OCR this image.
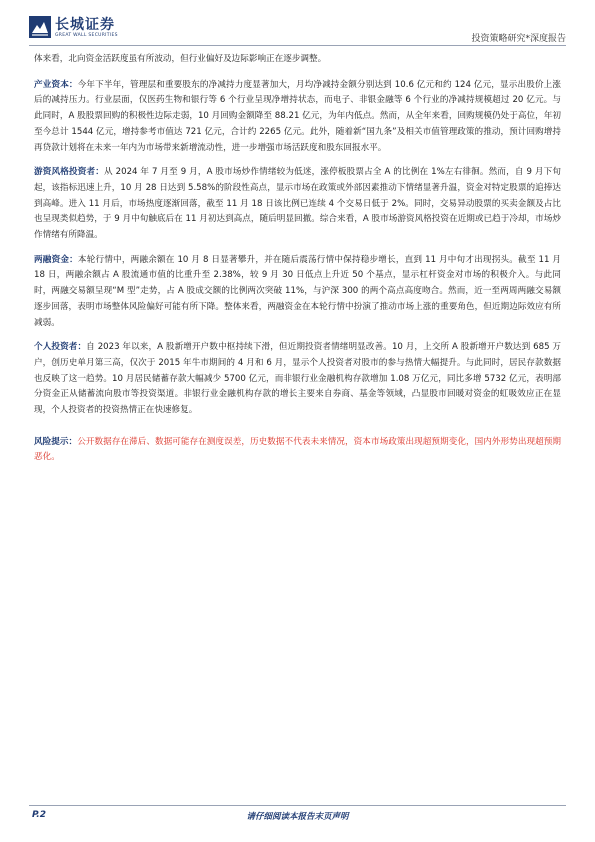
长城证券
GREAT WALL SECURITIES	投资策略研究*深度报告

体来看，北向资金活跃度虽有所波动，但行业偏好及边际影响正在逐步调整。

产业资本：今年下半年，管理层和重要股东的净减持力度显著加大，月均净减持金额分别达到 10.6 亿元和约 124 亿元，显示出股价上涨后的减持压力。行业层面，仅医药生物和银行等 6 个行业呈现净增持状态，而电子、非银金融等 6 个行业的净减持规模超过 20 亿元。与此同时，A 股股票回购的积极性边际走弱，10 月回购金额降至 88.21 亿元，为年内低点。然而，从全年来看，回购规模仍处于高位，年初至今总计 1544 亿元，增持参考市值达 721 亿元，合计约 2265 亿元。此外，随着新“国九条”及相关市值管理政策的推动，预计回购增持再贷款计划将在未来一年内为市场带来新增流动性，进一步增强市场活跃度和股东回报水平。

游资风格投资者：从 2024 年 7 月至 9 月，A 股市场炒作情绪较为低迷，涨停板股票占全 A 的比例在 1%左右徘徊。然而，自 9 月下旬起，该指标迅速上升，10 月 28 日达到 5.58%的阶段性高点，显示市场在政策或外部因素推动下情绪显著升温，资金对特定股票的追捧达到高峰。进入 11 月后，市场热度逐渐回落，截至 11 月 18 日该比例已连续 4 个交易日低于 2%。同时，交易异动股票的买卖金额及占比也呈现类似趋势，于 9 月中旬触底后在 11 月初达到高点，随后明显回撤。综合来看，A 股市场游资风格投资在近期或已趋于冷却，市场炒作情绪有所降温。

两融资金：本轮行情中，两融余额在 10 月 8 日显著攀升，并在随后震荡行情中保持稳步增长，直到 11 月中旬才出现拐头。截至 11 月 18 日，两融余额占 A 股流通市值的比重升至 2.38%，较 9 月 30 日低点上升近 50 个基点，显示杠杆资金对市场的积极介入。与此同时，两融交易额呈现“M 型”走势，占 A 股成交额的比例两次突破 11%，与沪深 300 的两个高点高度吻合。然而，近一至两周两融交易额逐步回落，表明市场整体风险偏好可能有所下降。整体来看，两融资金在本轮行情中扮演了推动市场上涨的重要角色，但近期边际效应有所减弱。

个人投资者：自 2023 年以来，A 股新增开户数中枢持续下滑，但近期投资者情绪明显改善。10 月，上交所 A 股新增开户数达到 685 万户，创历史单月第三高，仅次于 2015 年牛市期间的 4 月和 6 月，显示个人投资者对股市的参与热情大幅提升。与此同时，居民存款数据也反映了这一趋势。10 月居民储蓄存款大幅减少 5700 亿元，而非银行业金融机构存款增加 1.08 万亿元，同比多增 5732 亿元，表明部分资金正从储蓄流向股市等投资渠道。非银行业金融机构存款的增长主要来自券商、基金等领域，凸显股市回暖对资金的虹吸效应正在显现，个人投资者的投资热情正在快速修复。

风险提示：公开数据存在滞后、数据可能存在测度误差，历史数据不代表未来情况，资本市场政策出现超预期变化，国内外形势出现超预期恶化。

P.2	请仔细阅读本报告末页声明
